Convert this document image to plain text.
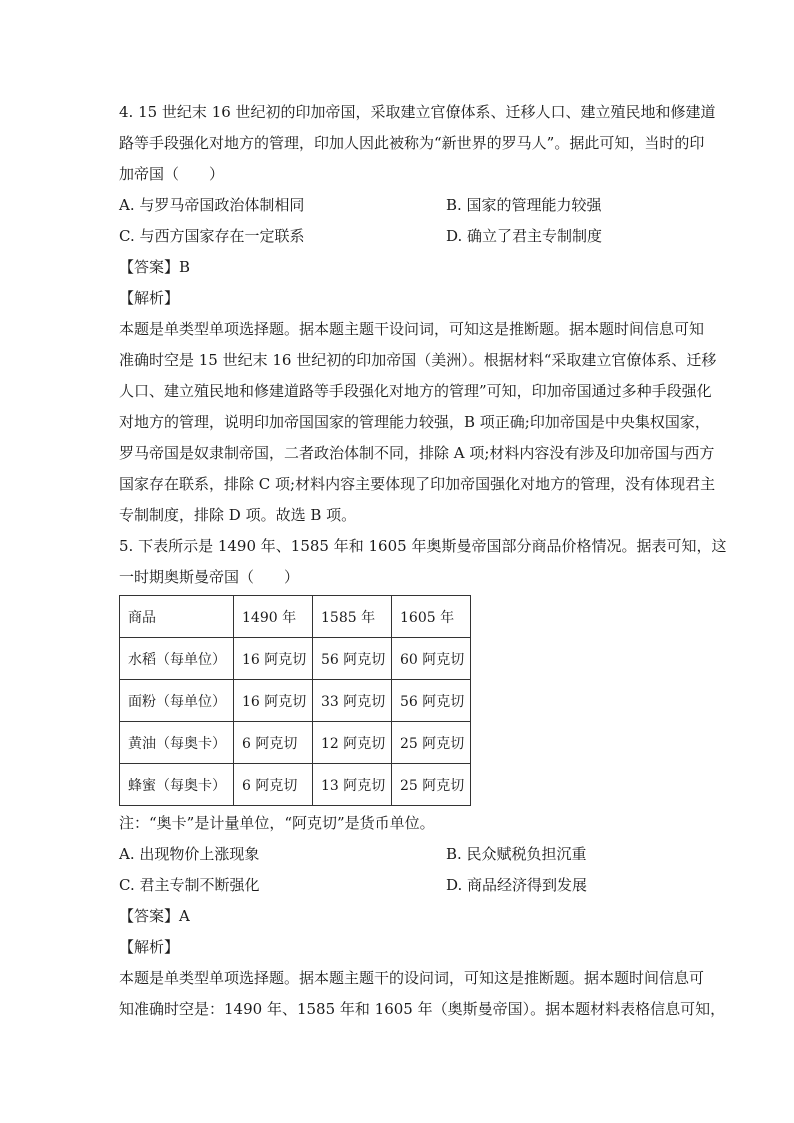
4. 15 世纪末 16 世纪初的印加帝国，采取建立官僚体系、迁移人口、建立殖民地和修建道
路等手段强化对地方的管理，印加人因此被称为“新世界的罗马人”。据此可知，当时的印
加帝国（　　）
A. 与罗马帝国政治体制相同	B. 国家的管理能力较强
C. 与西方国家存在一定联系	D. 确立了君主专制制度
【答案】B
【解析】
本题是单类型单项选择题。据本题主题干设问词，可知这是推断题。据本题时间信息可知
准确时空是 15 世纪末 16 世纪初的印加帝国（美洲）。根据材料“采取建立官僚体系、迁移
人口、建立殖民地和修建道路等手段强化对地方的管理”可知，印加帝国通过多种手段强化
对地方的管理，说明印加帝国国家的管理能力较强，B 项正确;印加帝国是中央集权国家，
罗马帝国是奴隶制帝国，二者政治体制不同，排除 A 项;材料内容没有涉及印加帝国与西方
国家存在联系，排除 C 项;材料内容主要体现了印加帝国强化对地方的管理，没有体现君主
专制制度，排除 D 项。故选 B 项。
5. 下表所示是 1490 年、1585 年和 1605 年奥斯曼帝国部分商品价格情况。据表可知，这
一时期奥斯曼帝国（　　）
商品	1490 年	1585 年	1605 年
水稻（每单位）	16 阿克切	56 阿克切	60 阿克切
面粉（每单位）	16 阿克切	33 阿克切	56 阿克切
黄油（每奥卡）	6 阿克切	12 阿克切	25 阿克切
蜂蜜（每奥卡）	6 阿克切	13 阿克切	25 阿克切
注：“奥卡”是计量单位，“阿克切”是货币单位。
A. 出现物价上涨现象	B. 民众赋税负担沉重
C. 君主专制不断强化	D. 商品经济得到发展
【答案】A
【解析】
本题是单类型单项选择题。据本题主题干的设问词，可知这是推断题。据本题时间信息可
知准确时空是：1490 年、1585 年和 1605 年（奥斯曼帝国）。据本题材料表格信息可知，
